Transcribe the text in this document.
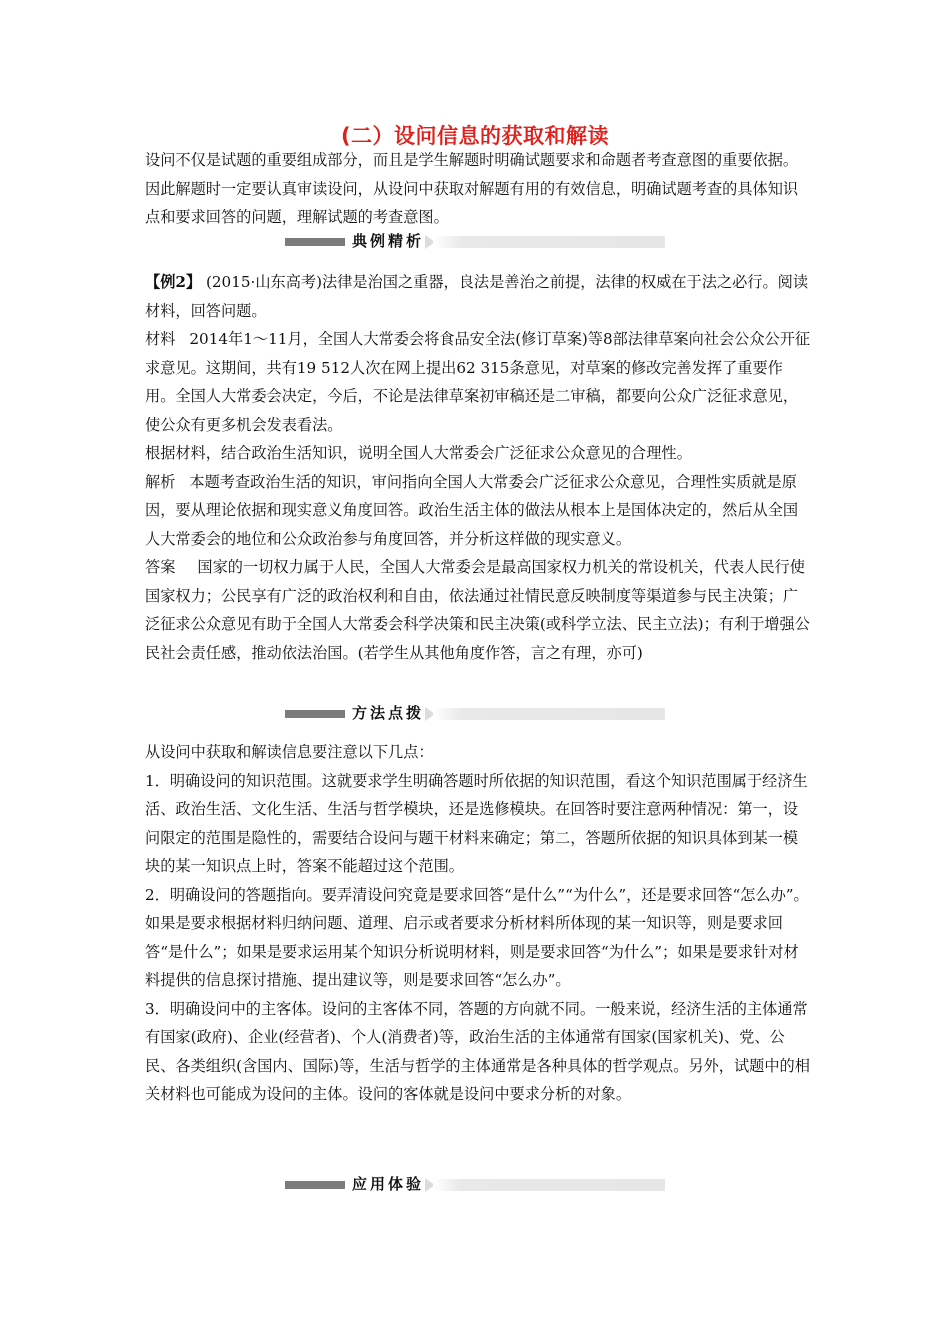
(二）设问信息的获取和解读

设问不仅是试题的重要组成部分，而且是学生解题时明确试题要求和命题者考查意图的重要依据。因此解题时一定要认真审读设问，从设问中获取对解题有用的有效信息，明确试题考查的具体知识点和要求回答的问题，理解试题的考查意图。

典例精析

【例2】 (2015·山东高考)法律是治国之重器，良法是善治之前提，法律的权威在于法之必行。阅读材料，回答问题。

材料 2014年1～11月，全国人大常委会将食品安全法(修订草案)等8部法律草案向社会公众公开征求意见。这期间，共有19 512人次在网上提出62 315条意见，对草案的修改完善发挥了重要作用。全国人大常委会决定，今后，不论是法律草案初审稿还是二审稿，都要向公众广泛征求意见，使公众有更多机会发表看法。

根据材料，结合政治生活知识，说明全国人大常委会广泛征求公众意见的合理性。

解析 本题考查政治生活的知识，审问指向全国人大常委会广泛征求公众意见，合理性实质就是原因，要从理论依据和现实意义角度回答。政治生活主体的做法从根本上是国体决定的，然后从全国人大常委会的地位和公众政治参与角度回答，并分析这样做的现实意义。

答案 国家的一切权力属于人民，全国人大常委会是最高国家权力机关的常设机关，代表人民行使国家权力；公民享有广泛的政治权利和自由，依法通过社情民意反映制度等渠道参与民主决策；广泛征求公众意见有助于全国人大常委会科学决策和民主决策(或科学立法、民主立法)；有利于增强公民社会责任感，推动依法治国。(若学生从其他角度作答，言之有理，亦可)

方法点拨

从设问中获取和解读信息要注意以下几点：

1．明确设问的知识范围。这就要求学生明确答题时所依据的知识范围，看这个知识范围属于经济生活、政治生活、文化生活、生活与哲学模块，还是选修模块。在回答时要注意两种情况：第一，设问限定的范围是隐性的，需要结合设问与题干材料来确定；第二，答题所依据的知识具体到某一模块的某一知识点上时，答案不能超过这个范围。

2．明确设问的答题指向。要弄清设问究竟是要求回答“是什么”“为什么”，还是要求回答“怎么办”。如果是要求根据材料归纳问题、道理、启示或者要求分析材料所体现的某一知识等，则是要求回答“是什么”；如果是要求运用某个知识分析说明材料，则是要求回答“为什么”；如果是要求针对材料提供的信息探讨措施、提出建议等，则是要求回答“怎么办”。

3．明确设问中的主客体。设问的主客体不同，答题的方向就不同。一般来说，经济生活的主体通常有国家(政府)、企业(经营者)、个人(消费者)等，政治生活的主体通常有国家(国家机关)、党、公民、各类组织(含国内、国际)等，生活与哲学的主体通常是各种具体的哲学观点。另外，试题中的相关材料也可能成为设问的主体。设问的客体就是设问中要求分析的对象。

应用体验
